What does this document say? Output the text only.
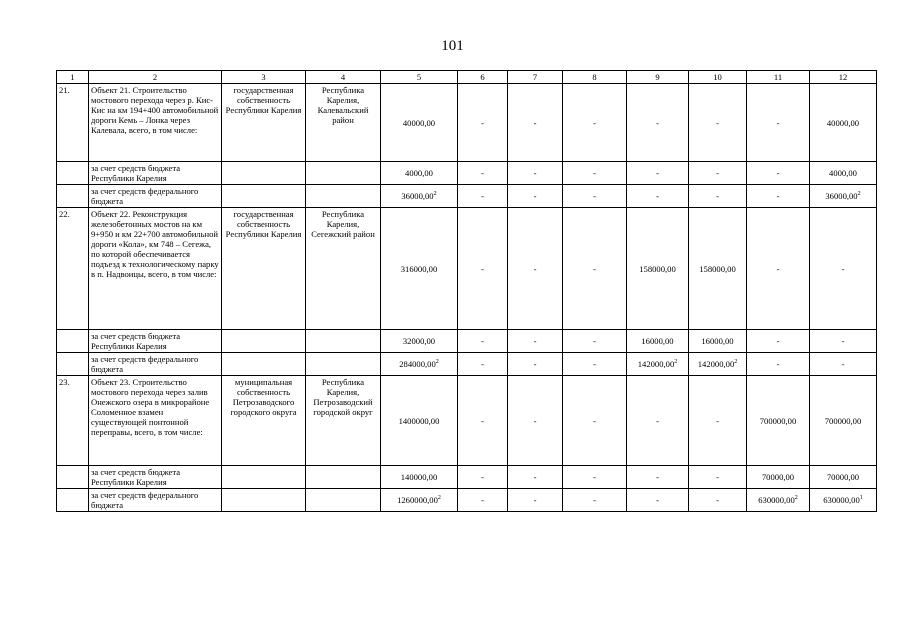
101
1	2	3	4	5	6	7	8	9	10	11	12
21.	Объект 21. Строительство мостового перехода через р. Кис-Кис на км 194+400 автомобильной дороги Кемь – Лонка через Калевала, всего, в том числе:	государственная собственность Республики Карелия	Республика Карелия, Калевальский район	40000,00	-	-	-	-	-	-	40000,00
	за счет средств бюджета Республики Карелия			4000,00	-	-	-	-	-	-	4000,00
	за счет средств федерального бюджета			36000,00$^2$	-	-	-	-	-	-	36000,00$^2$
22.	Объект 22. Реконструкция железобетонных мостов на км 9+950 и км 22+700 автомобильной дороги «Кола», км 748 – Сегежа, по которой обеспечивается подъезд к технологическому парку в п. Надвоицы, всего, в том числе:	государственная собственность Республики Карелия	Республика Карелия, Сегежский район	316000,00	-	-	-	158000,00	158000,00	-	-
	за счет средств бюджета Республики Карелия			32000,00	-	-	-	16000,00	16000,00	-	-
	за счет средств федерального бюджета			284000,00$^2$	-	-	-	142000,00$^2$	142000,00$^2$	-	-
23.	Объект 23. Строительство мостового перехода через залив Онежского озера в микрорайоне Соломенное взамен существующей понтонной переправы, всего, в том числе:	муниципальная собственность Петрозаводского городского округа	Республика Карелия, Петрозаводский городской округ	1400000,00	-	-	-	-	-	700000,00	700000,00
	за счет средств бюджета Республики Карелия			140000,00	-	-	-	-	-	70000,00	70000,00
	за счет средств федерального бюджета			1260000,00$^2$	-	-	-	-	-	630000,00$^2$	630000,00$^1$
